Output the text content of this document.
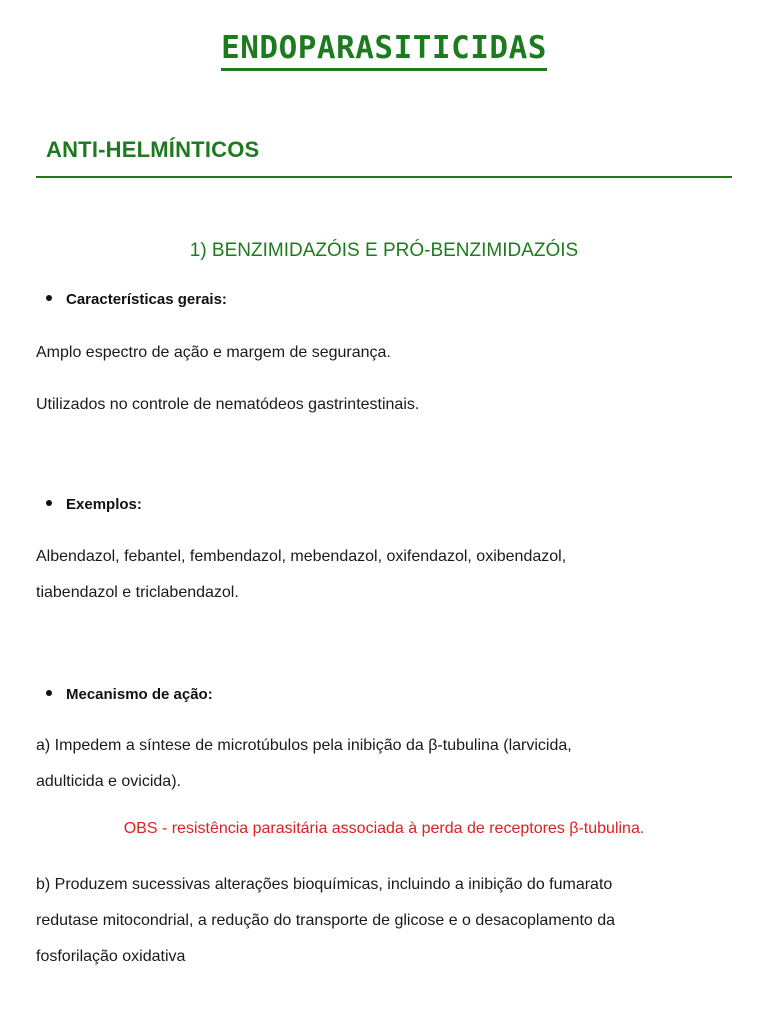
ENDOPARASITICIDAS
ANTI-HELMÍNTICOS
1) BENZIMIDAZÓIS E PRÓ-BENZIMIDAZÓIS
Características gerais:
Amplo espectro de ação e margem de segurança.
Utilizados no controle de nematódeos gastrintestinais.
Exemplos:
Albendazol, febantel, fembendazol, mebendazol, oxifendazol, oxibendazol,
tiabendazol e triclabendazol.
Mecanismo de ação:
a) Impedem a síntese de microtúbulos pela inibição da β-tubulina (larvicida,
adulticida e ovicida).
OBS - resistência parasitária associada à perda de receptores β-tubulina.
b) Produzem sucessivas alterações bioquímicas, incluindo a inibição do fumarato
redutase mitocondrial, a redução do transporte de glicose e o desacoplamento da
fosforilação oxidativa
